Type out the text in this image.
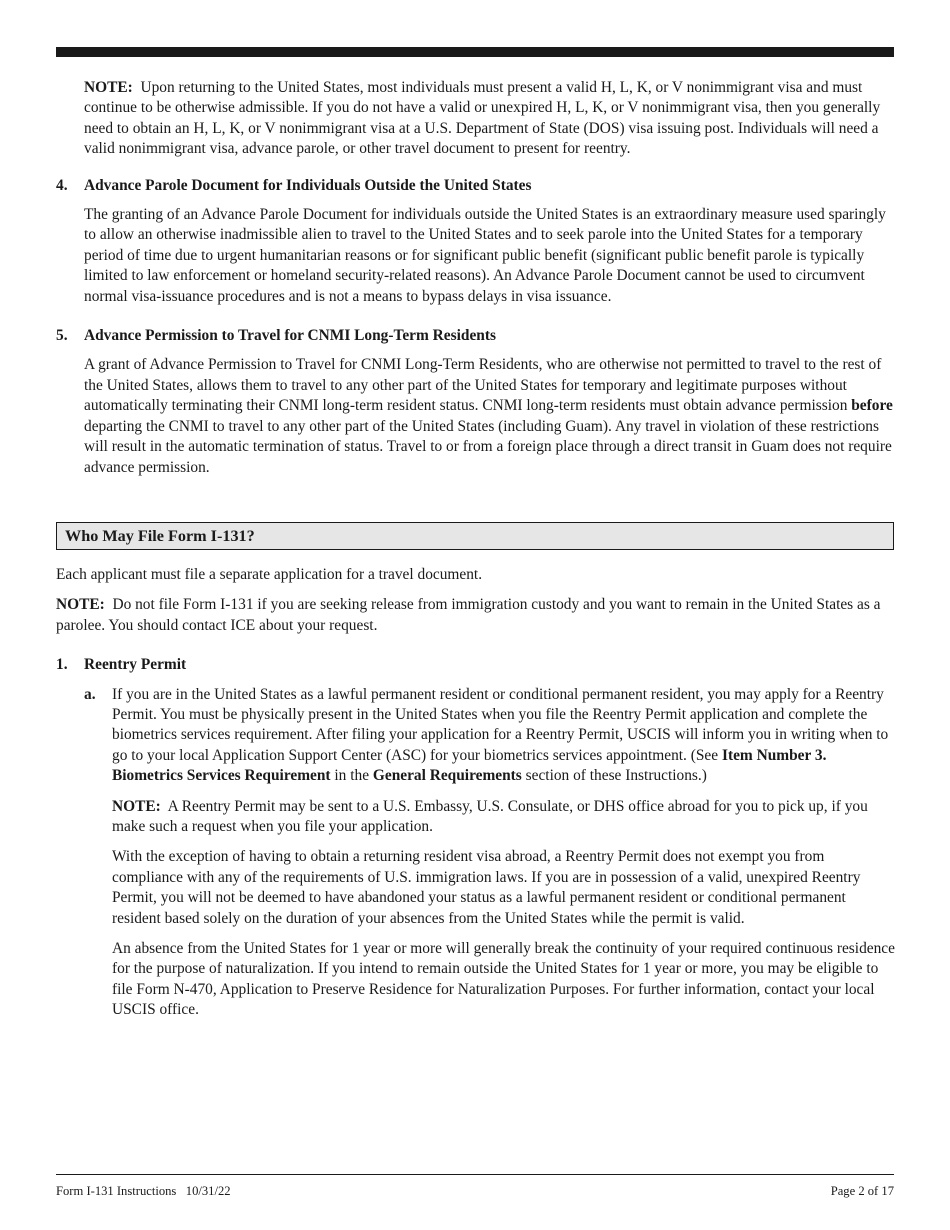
NOTE: Upon returning to the United States, most individuals must present a valid H, L, K, or V nonimmigrant visa and must continue to be otherwise admissible. If you do not have a valid or unexpired H, L, K, or V nonimmigrant visa, then you generally need to obtain an H, L, K, or V nonimmigrant visa at a U.S. Department of State (DOS) visa issuing post. Individuals will need a valid nonimmigrant visa, advance parole, or other travel document to present for reentry.

4.	Advance Parole Document for Individuals Outside the United States

The granting of an Advance Parole Document for individuals outside the United States is an extraordinary measure used sparingly to allow an otherwise inadmissible alien to travel to the United States and to seek parole into the United States for a temporary period of time due to urgent humanitarian reasons or for significant public benefit (significant public benefit parole is typically limited to law enforcement or homeland security-related reasons). An Advance Parole Document cannot be used to circumvent normal visa-issuance procedures and is not a means to bypass delays in visa issuance.

5.	Advance Permission to Travel for CNMI Long-Term Residents

A grant of Advance Permission to Travel for CNMI Long-Term Residents, who are otherwise not permitted to travel to the rest of the United States, allows them to travel to any other part of the United States for temporary and legitimate purposes without automatically terminating their CNMI long-term resident status. CNMI long-term residents must obtain advance permission before departing the CNMI to travel to any other part of the United States (including Guam). Any travel in violation of these restrictions will result in the automatic termination of status. Travel to or from a foreign place through a direct transit in Guam does not require advance permission.

Who May File Form I-131?

Each applicant must file a separate application for a travel document.

NOTE: Do not file Form I-131 if you are seeking release from immigration custody and you want to remain in the United States as a parolee. You should contact ICE about your request.

1.	Reentry Permit
a.	If you are in the United States as a lawful permanent resident or conditional permanent resident, you may apply for a Reentry Permit. You must be physically present in the United States when you file the Reentry Permit application and complete the biometrics services requirement. After filing your application for a Reentry Permit, USCIS will inform you in writing when to go to your local Application Support Center (ASC) for your biometrics services appointment. (See Item Number 3. Biometrics Services Requirement in the General Requirements section of these Instructions.)

NOTE: A Reentry Permit may be sent to a U.S. Embassy, U.S. Consulate, or DHS office abroad for you to pick up, if you make such a request when you file your application.

With the exception of having to obtain a returning resident visa abroad, a Reentry Permit does not exempt you from compliance with any of the requirements of U.S. immigration laws. If you are in possession of a valid, unexpired Reentry Permit, you will not be deemed to have abandoned your status as a lawful permanent resident or conditional permanent resident based solely on the duration of your absences from the United States while the permit is valid.

An absence from the United States for 1 year or more will generally break the continuity of your required continuous residence for the purpose of naturalization. If you intend to remain outside the United States for 1 year or more, you may be eligible to file Form N-470, Application to Preserve Residence for Naturalization Purposes. For further information, contact your local USCIS office.

Form I-131 Instructions   10/31/22	Page 2 of 17
